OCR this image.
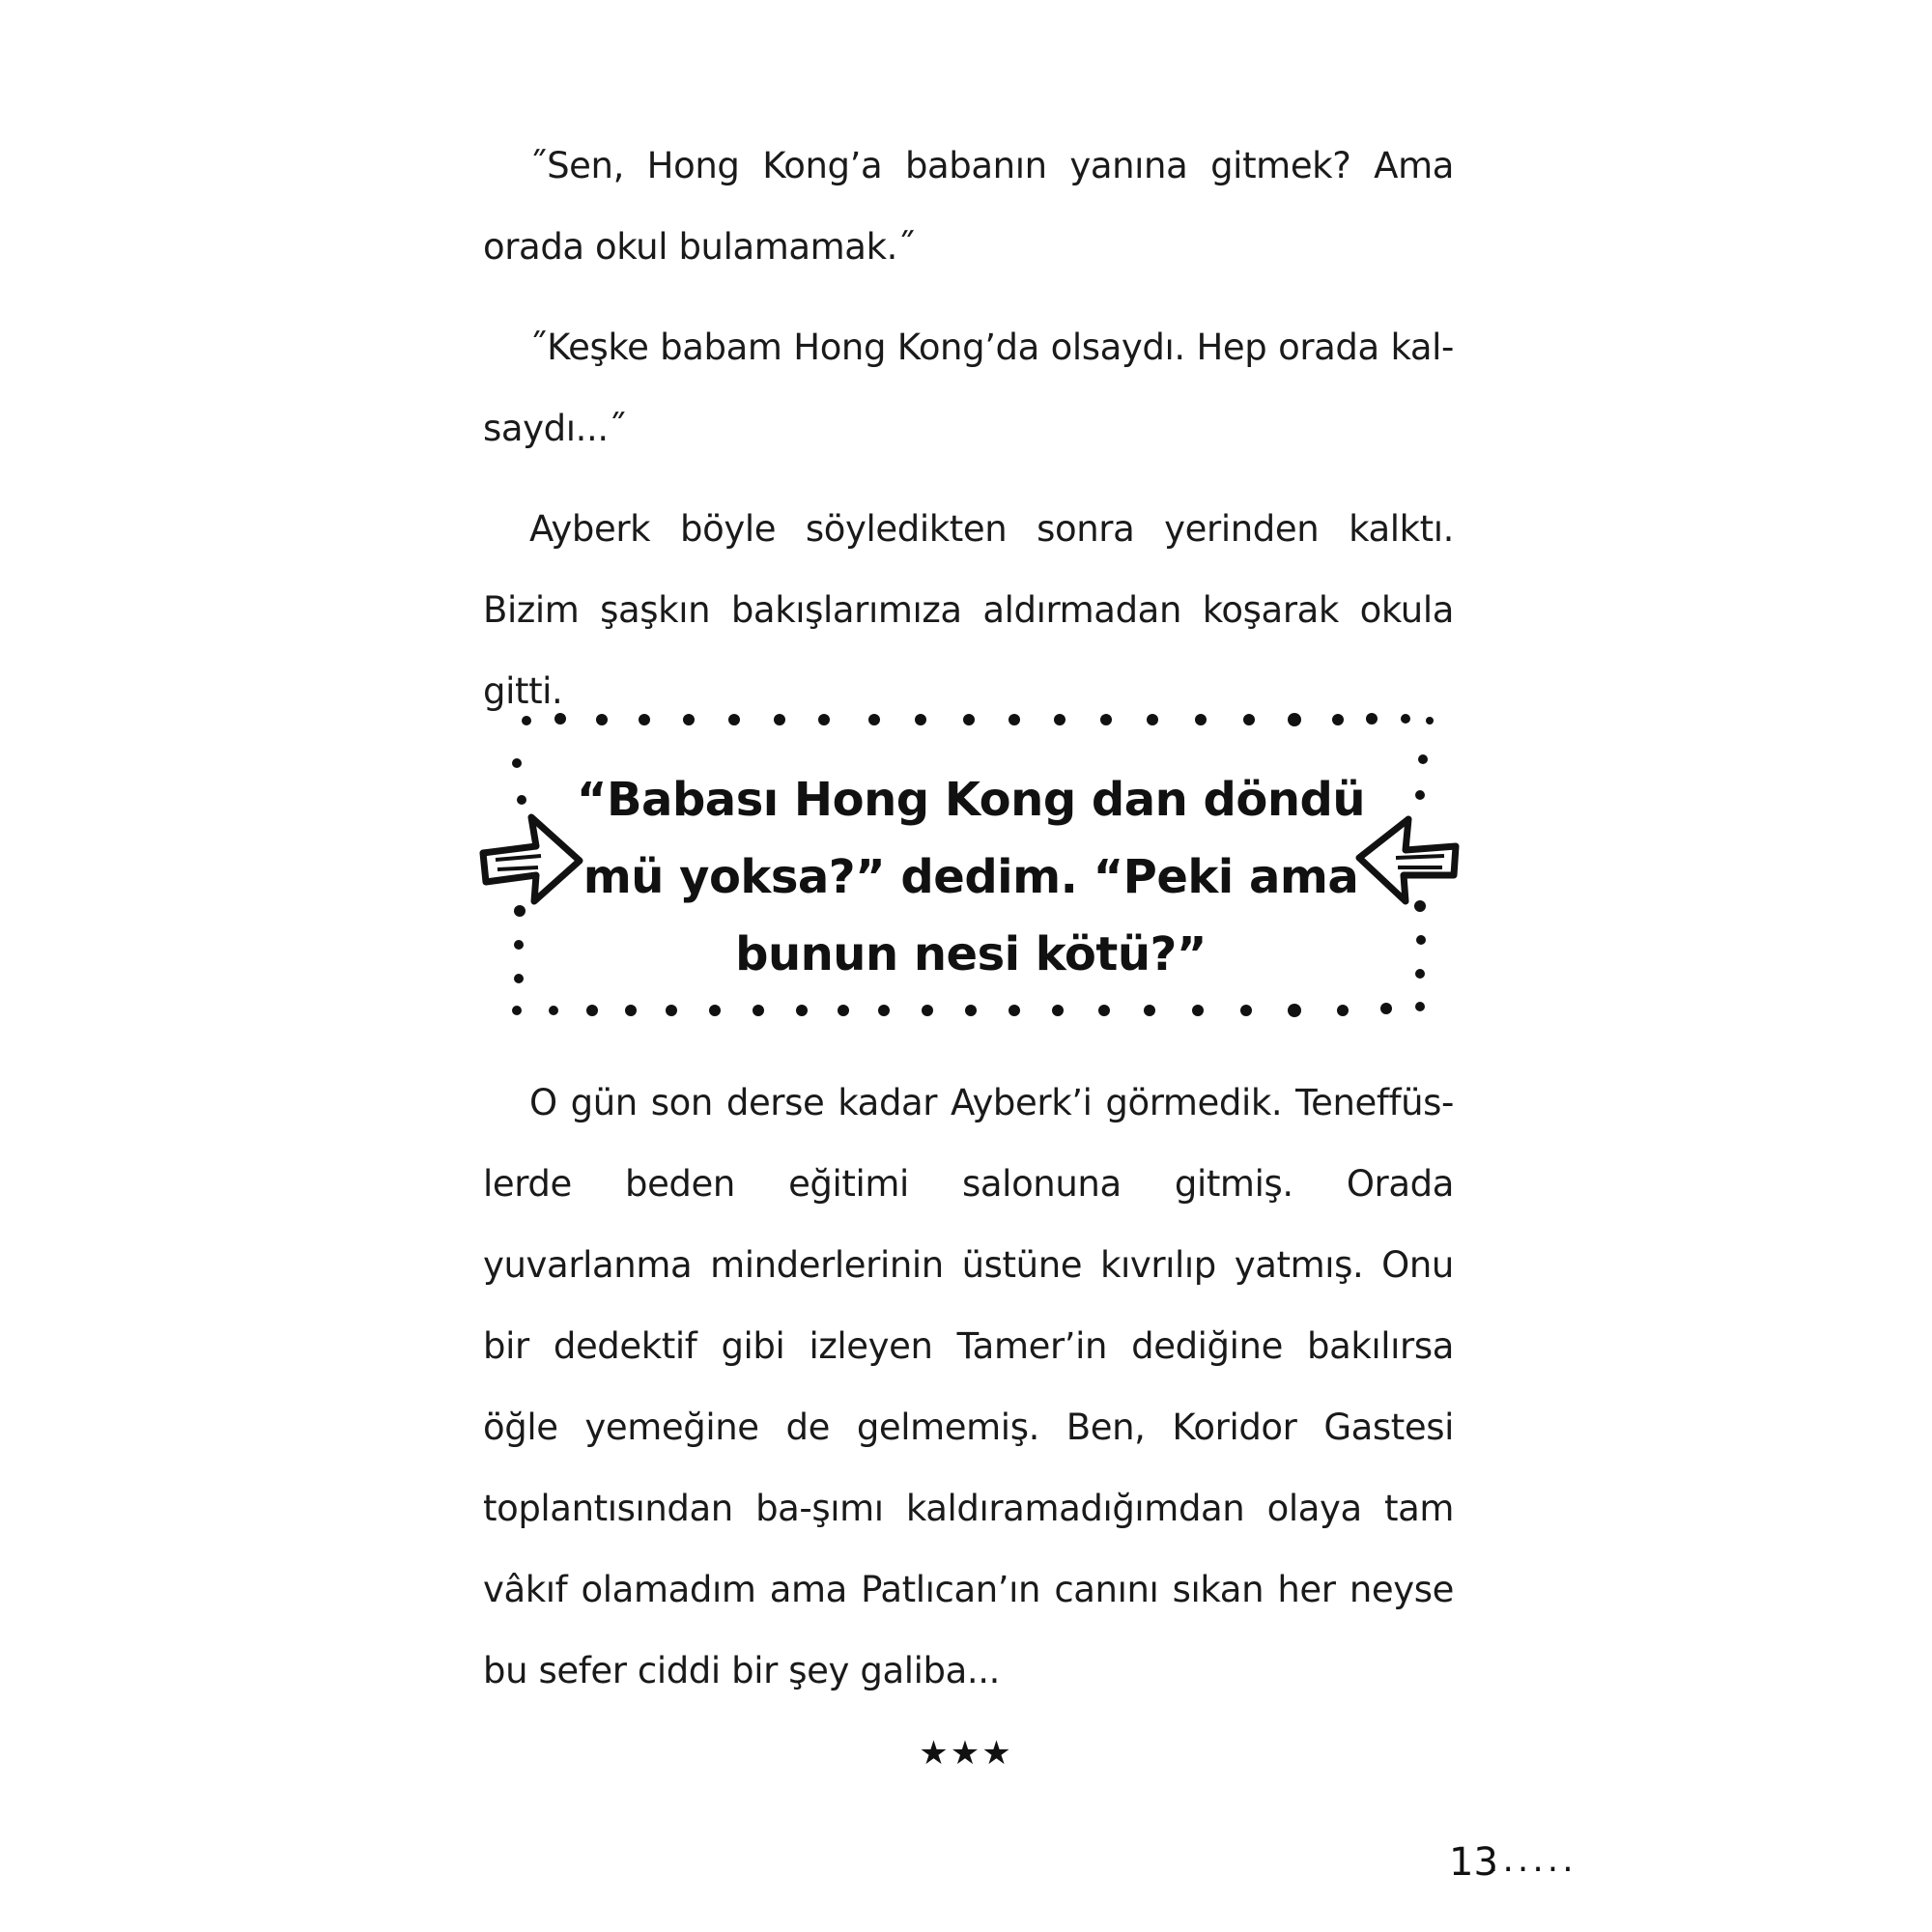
˝Sen, Hong Kong’a babanın yanına gitmek? Ama orada okul bulamamak.˝

˝Keşke babam Hong Kong’da olsaydı. Hep orada kal-saydı...˝

Ayberk böyle söyledikten sonra yerinden kalktı. Bizim şaşkın bakışlarımıza aldırmadan koşarak okula gitti.

“Babası Hong Kong dan döndü mü yoksa?” dedim. “Peki ama bunun nesi kötü?”

O gün son derse kadar Ayberk’i görmedik. Teneffüs-lerde beden eğitimi salonuna gitmiş. Orada yuvarlanma minderlerinin üstüne kıvrılıp yatmış. Onu bir dedektif gibi izleyen Tamer’in dediğine bakılırsa öğle yemeğine de gelmemiş. Ben, Koridor Gastesi toplantısından ba-şımı kaldıramadığımdan olaya tam vâkıf olamadım ama Patlıcan’ın canını sıkan her neyse bu sefer ciddi bir şey galiba...

★★★
13
......
